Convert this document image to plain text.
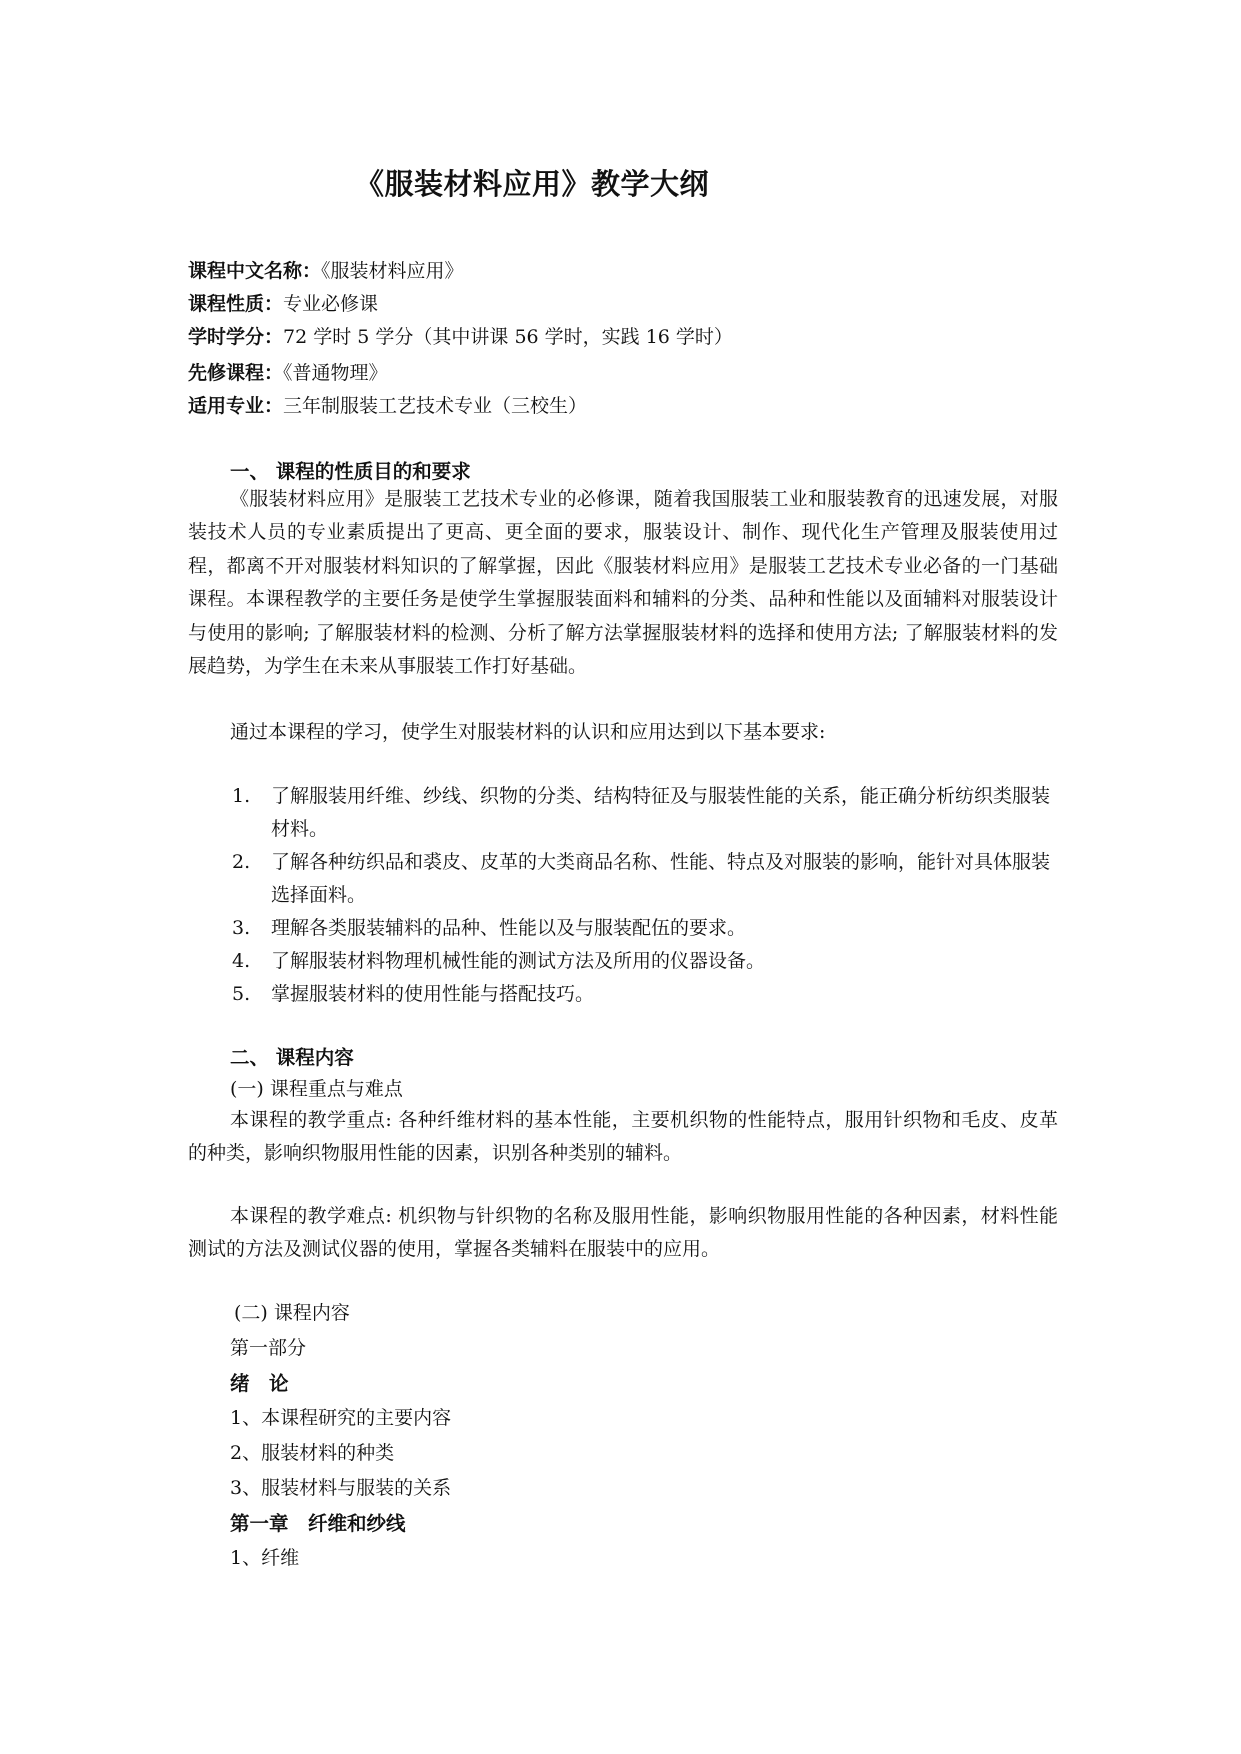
《服装材料应用》教学大纲
课程中文名称：《服装材料应用》
课程性质：专业必修课
学时学分：72 学时 5 学分（其中讲课 56 学时，实践 16 学时）
先修课程：《普通物理》
适用专业：三年制服装工艺技术专业（三校生）
一、 课程的性质目的和要求

《服装材料应用》是服装工艺技术专业的必修课，随着我国服装工业和服装教育的迅速发展，对服装技术人员的专业素质提出了更高、更全面的要求，服装设计、制作、现代化生产管理及服装使用过程，都离不开对服装材料知识的了解掌握，因此《服装材料应用》是服装工艺技术专业必备的一门基础课程。本课程教学的主要任务是使学生掌握服装面料和辅料的分类、品种和性能以及面辅料对服装设计与使用的影响; 了解服装材料的检测、分析了解方法掌握服装材料的选择和使用方法; 了解服装材料的发展趋势，为学生在未来从事服装工作打好基础。

通过本课程的学习，使学生对服装材料的认识和应用达到以下基本要求:

1. 了解服装用纤维、纱线、织物的分类、结构特征及与服装性能的关系，能正确分析纺织类服装材料。
2. 了解各种纺织品和裘皮、皮革的大类商品名称、性能、特点及对服装的影响，能针对具体服装选择面料。
3. 理解各类服装辅料的品种、性能以及与服装配伍的要求。
4. 了解服装材料物理机械性能的测试方法及所用的仪器设备。
5. 掌握服装材料的使用性能与搭配技巧。
二、 课程内容
(一) 课程重点与难点

本课程的教学重点: 各种纤维材料的基本性能，主要机织物的性能特点，服用针织物和毛皮、皮革的种类，影响织物服用性能的因素，识别各种类别的辅料。

本课程的教学难点: 机织物与针织物的名称及服用性能，影响织物服用性能的各种因素，材料性能测试的方法及测试仪器的使用，掌握各类辅料在服装中的应用。

(二) 课程内容
第一部分
绪　论
1、本课程研究的主要内容
2、服装材料的种类
3、服装材料与服装的关系
第一章　纤维和纱线
1、纤维
